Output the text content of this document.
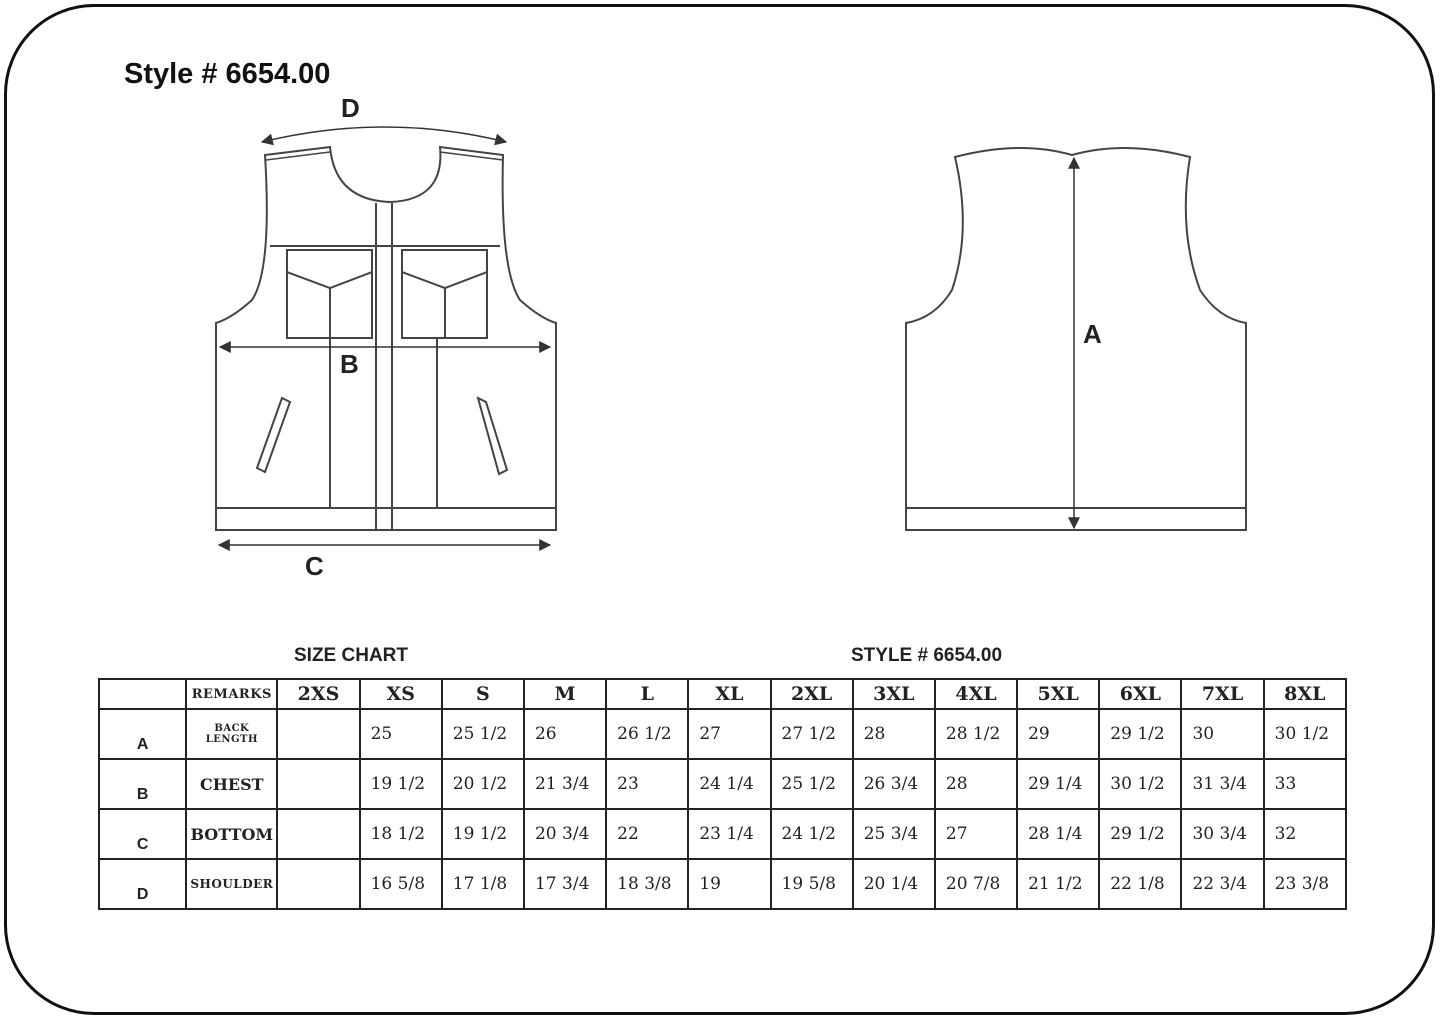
Style # 6654.00
D
B
C
A
SIZE CHART	STYLE # 6654.00
	REMARKS	2XS	XS	S	M	L	XL	2XL	3XL	4XL	5XL	6XL	7XL	8XL
A	BACK LENGTH		25	25 1/2	26	26 1/2	27	27 1/2	28	28 1/2	29	29 1/2	30	30 1/2
B	CHEST		19 1/2	20 1/2	21 3/4	23	24 1/4	25 1/2	26 3/4	28	29 1/4	30 1/2	31 3/4	33
C	BOTTOM		18 1/2	19 1/2	20 3/4	22	23 1/4	24 1/2	25 3/4	27	28 1/4	29 1/2	30 3/4	32
D	SHOULDER		16 5/8	17 1/8	17 3/4	18 3/8	19	19 5/8	20 1/4	20 7/8	21 1/2	22 1/8	22 3/4	23 3/8
